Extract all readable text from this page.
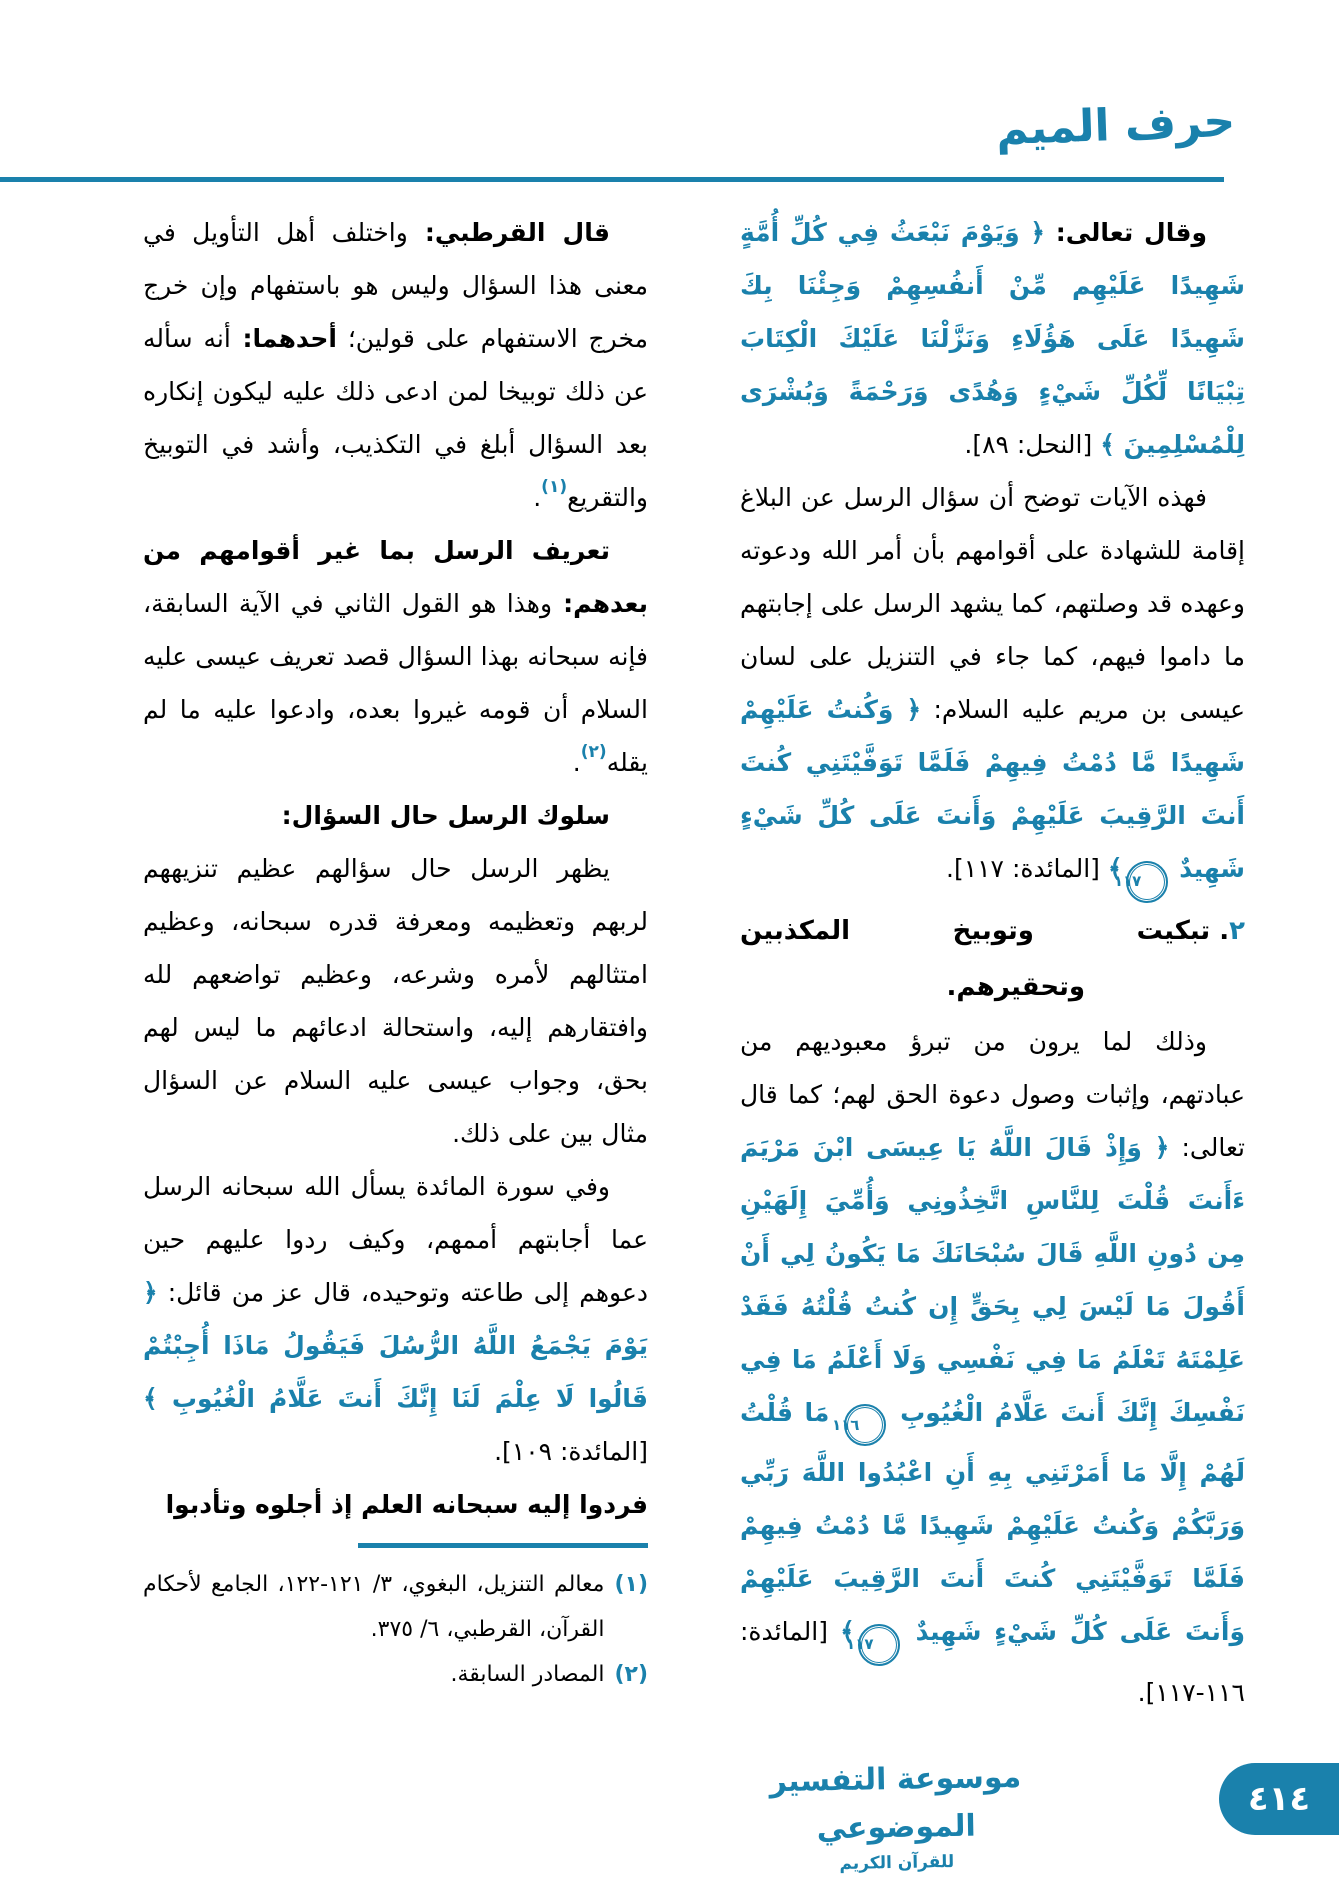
حرف الميم

وقال تعالى: ﴿ وَيَوْمَ نَبْعَثُ فِي كُلِّ أُمَّةٍ شَهِيدًا عَلَيْهِم مِّنْ أَنفُسِهِمْ وَجِئْنَا بِكَ شَهِيدًا عَلَى هَؤُلَاءِ وَنَزَّلْنَا عَلَيْكَ الْكِتَابَ تِبْيَانًا لِّكُلِّ شَيْءٍ وَهُدًى وَرَحْمَةً وَبُشْرَى لِلْمُسْلِمِينَ ﴾ [النحل: ٨٩].

فهذه الآيات توضح أن سؤال الرسل عن البلاغ إقامة للشهادة على أقوامهم بأن أمر الله ودعوته وعهده قد وصلتهم، كما يشهد الرسل على إجابتهم ما داموا فيهم، كما جاء في التنزيل على لسان عيسى بن مريم عليه السلام: ﴿ وَكُنتُ عَلَيْهِمْ شَهِيدًا مَّا دُمْتُ فِيهِمْ فَلَمَّا تَوَفَّيْتَنِي كُنتَ أَنتَ الرَّقِيبَ عَلَيْهِمْ وَأَنتَ عَلَى كُلِّ شَيْءٍ شَهِيدٌ
١١٧
﴾ [المائدة: ١١٧].

٢. تبكيت
وتوبيخ
المكذبين
وتحقيرهم.

وذلك لما يرون من تبرؤ معبوديهم من عبادتهم، وإثبات وصول دعوة الحق لهم؛ كما قال تعالى: ﴿ وَإِذْ قَالَ اللَّهُ يَا عِيسَى ابْنَ مَرْيَمَ ءَأَنتَ قُلْتَ لِلنَّاسِ اتَّخِذُونِي وَأُمِّيَ إِلَهَيْنِ مِن دُونِ اللَّهِ قَالَ سُبْحَانَكَ مَا يَكُونُ لِي أَنْ أَقُولَ مَا لَيْسَ لِي بِحَقٍّ إِن كُنتُ قُلْتُهُ فَقَدْ عَلِمْتَهُ تَعْلَمُ مَا فِي نَفْسِي وَلَا أَعْلَمُ مَا فِي نَفْسِكَ إِنَّكَ أَنتَ عَلَّامُ الْغُيُوبِ
١١٦
مَا قُلْتُ لَهُمْ إِلَّا مَا أَمَرْتَنِي بِهِ أَنِ اعْبُدُوا اللَّهَ رَبِّي وَرَبَّكُمْ وَكُنتُ عَلَيْهِمْ شَهِيدًا مَّا دُمْتُ فِيهِمْ فَلَمَّا تَوَفَّيْتَنِي كُنتَ أَنتَ الرَّقِيبَ عَلَيْهِمْ وَأَنتَ عَلَى كُلِّ شَيْءٍ شَهِيدٌ
١١٧
﴾ [المائدة: ١١٦-١١٧].

قال القرطبي: واختلف أهل التأويل في معنى هذا السؤال وليس هو باستفهام وإن خرج مخرج الاستفهام على قولين؛ أحدهما: أنه سأله عن ذلك توبيخا لمن ادعى ذلك عليه ليكون إنكاره بعد السؤال أبلغ في التكذيب، وأشد في التوبيخ والتقريع$^{(١)}$.

تعريف الرسل بما غير أقوامهم من بعدهم: وهذا هو القول الثاني في الآية السابقة، فإنه سبحانه بهذا السؤال قصد تعريف عيسى عليه السلام أن قومه غيروا بعده، وادعوا عليه ما لم يقله$^{(٢)}$.

سلوك الرسل حال السؤال:

يظهر الرسل حال سؤالهم عظيم تنزيههم لربهم وتعظيمه ومعرفة قدره سبحانه، وعظيم امتثالهم لأمره وشرعه، وعظيم تواضعهم لله وافتقارهم إليه، واستحالة ادعائهم ما ليس لهم بحق، وجواب عيسى عليه السلام عن السؤال مثال بين على ذلك.

وفي سورة المائدة يسأل الله سبحانه الرسل عما أجابتهم أممهم، وكيف ردوا عليهم حين دعوهم إلى طاعته وتوحيده، قال عز من قائل: ﴿ يَوْمَ يَجْمَعُ اللَّهُ الرُّسُلَ فَيَقُولُ مَاذَا أُجِبْتُمْ قَالُوا لَا عِلْمَ لَنَا إِنَّكَ أَنتَ عَلَّامُ الْغُيُوبِ ﴾ [المائدة: ١٠٩].

فردوا إليه سبحانه العلم إذ أجلوه وتأدبوا

(١)
معالم التنزيل، البغوي، ٣/ ١٢١-١٢٢، الجامع لأحكام القرآن، القرطبي، ٦/ ٣٧٥.
(٢)
المصادر السابقة.
موسوعة التفسير الموضوعي
للقرآن الكريم
٤١٤
